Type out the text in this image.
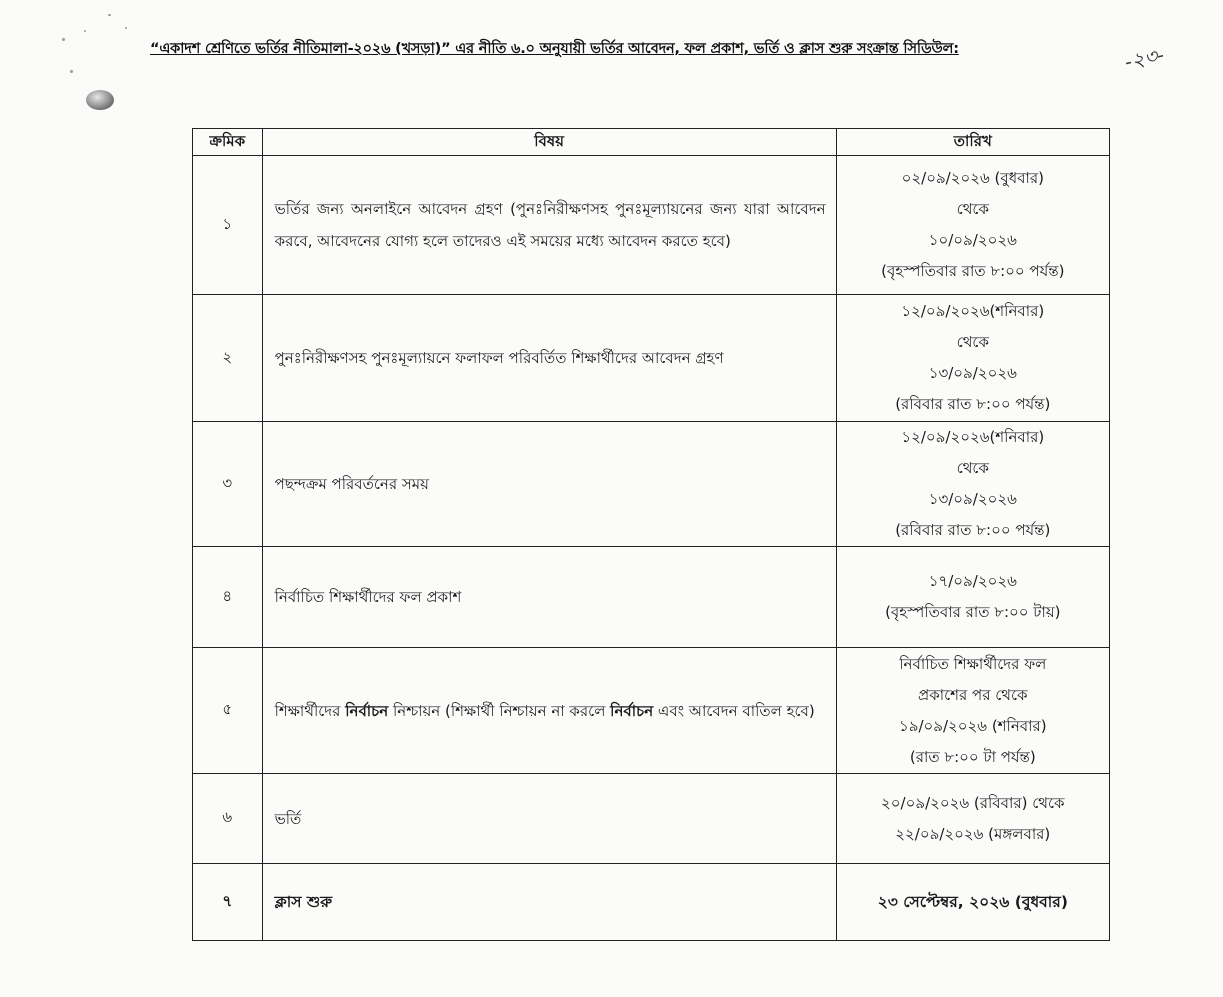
“একাদশ শ্রেণিতে ভর্তির নীতিমালা-২০২৬ (খসড়া)” এর নীতি ৬.০ অনুযায়ী ভর্তির আবেদন, ফল প্রকাশ, ভর্তি ও ক্লাস শুরু সংক্রান্ত সিডিউল:	-২৩-
ক্রমিক	বিষয়	তারিখ
১	ভর্তির জন্য অনলাইনে আবেদন গ্রহণ (পুনঃনিরীক্ষণসহ পুনঃমূল্যায়নের জন্য যারা আবেদন করবে, আবেদনের যোগ্য হলে তাদেরও এই সময়ের মধ্যে আবেদন করতে হবে)	০২/০৯/২০২৬ (বুধবার)
থেকে
১০/০৯/২০২৬
(বৃহস্পতিবার রাত ৮:০০ পর্যন্ত)

২	পুনঃনিরীক্ষণসহ পুনঃমূল্যায়নে ফলাফল পরিবর্তিত শিক্ষার্থীদের আবেদন গ্রহণ	১২/০৯/২০২৬(শনিবার)
থেকে
১৩/০৯/২০২৬
(রবিবার রাত ৮:০০ পর্যন্ত)

৩	পছন্দক্রম পরিবর্তনের সময়	১২/০৯/২০২৬(শনিবার)
থেকে
১৩/০৯/২০২৬
(রবিবার রাত ৮:০০ পর্যন্ত)

৪	নির্বাচিত শিক্ষার্থীদের ফল প্রকাশ	১৭/০৯/২০২৬
(বৃহস্পতিবার রাত ৮:০০ টায়)

৫	শিক্ষার্থীদের নির্বাচন নিশ্চায়ন (শিক্ষার্থী নিশ্চায়ন না করলে নির্বাচন এবং আবেদন বাতিল হবে)	নির্বাচিত শিক্ষার্থীদের ফল
প্রকাশের পর থেকে
১৯/০৯/২০২৬ (শনিবার)
(রাত ৮:০০ টা পর্যন্ত)

৬	ভর্তি	২০/০৯/২০২৬ (রবিবার) থেকে
২২/০৯/২০২৬ (মঙ্গলবার)

৭	ক্লাস শুরু	২৩ সেপ্টেম্বর, ২০২৬ (বুধবার)
